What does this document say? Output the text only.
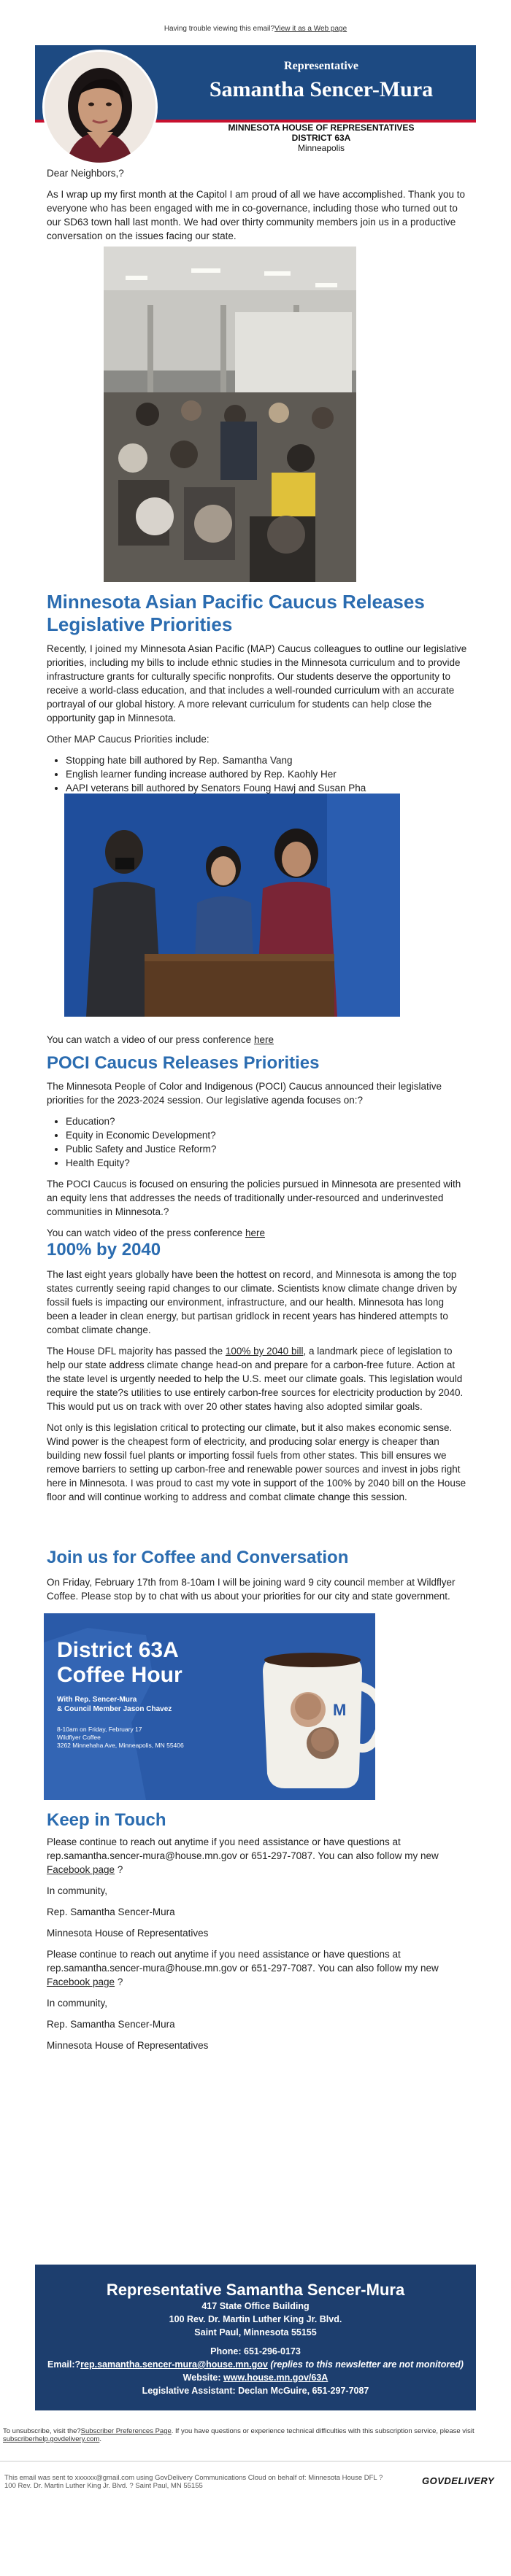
Having trouble viewing this email?View it as a Web page
Representative
Samantha Sencer-Mura
MINNESOTA HOUSE OF REPRESENTATIVES
DISTRICT 63A
Minneapolis

Dear Neighbors,?

As I wrap up my first month at the Capitol I am proud of all we have accomplished. Thank you to everyone who has been engaged with me in co-governance, including those who turned out to our SD63 town hall last month. We had over thirty community members join us in a productive conversation on the issues facing our state.

Minnesota Asian Pacific Caucus Releases Legislative Priorities

Recently, I joined my Minnesota Asian Pacific (MAP) Caucus colleagues to outline our legislative priorities, including my bills to include ethnic studies in the Minnesota curriculum and to provide infrastructure grants for culturally specific nonprofits. Our students deserve the opportunity to receive a world-class education, and that includes a well-rounded curriculum with an accurate portrayal of our global history. A more relevant curriculum for students can help close the opportunity gap in Minnesota.

Other MAP Caucus Priorities include:

• Stopping hate bill authored by Rep. Samantha Vang
• English learner funding increase authored by Rep. Kaohly Her
• AAPI veterans bill authored by Senators Foung Hawj and Susan Pha

You can watch a video of our press conference here

POCI Caucus Releases Priorities

The Minnesota People of Color and Indigenous (POCI) Caucus announced their legislative priorities for the 2023-2024 session. Our legislative agenda focuses on:?

• Education?
• Equity in Economic Development?
• Public Safety and Justice Reform?
• Health Equity?

The POCI Caucus is focused on ensuring the policies pursued in Minnesota are presented with an equity lens that addresses the needs of traditionally under-resourced and underinvested communities in Minnesota.?

You can watch video of the press conference here

100% by 2040

The last eight years globally have been the hottest on record, and Minnesota is among the top states currently seeing rapid changes to our climate. Scientists know climate change driven by fossil fuels is impacting our environment, infrastructure, and our health. Minnesota has long been a leader in clean energy, but partisan gridlock in recent years has hindered attempts to combat climate change.

The House DFL majority has passed the 100% by 2040 bill, a landmark piece of legislation to help our state address climate change head-on and prepare for a carbon-free future. Action at the state level is urgently needed to help the U.S. meet our climate goals. This legislation would require the state?s utilities to use entirely carbon-free sources for electricity production by 2040. This would put us on track with over 20 other states having also adopted similar goals.

Not only is this legislation critical to protecting our climate, but it also makes economic sense. Wind power is the cheapest form of electricity, and producing solar energy is cheaper than building new fossil fuel plants or importing fossil fuels from other states. This bill ensures we remove barriers to setting up carbon-free and renewable power sources and invest in jobs right here in Minnesota. I was proud to cast my vote in support of the 100% by 2040 bill on the House floor and will continue working to address and combat climate change this session.

Join us for Coffee and Conversation

On Friday, February 17th from 8-10am I will be joining ward 9 city council member at Wildflyer Coffee. Please stop by to chat with us about your priorities for our city and state government.

District 63A
Coffee Hour
With Rep. Sencer-Mura
& Council Member Jason Chavez
8-10am on Friday, February 17
Wildflyer Coffee
3262 Minnehaha Ave, Minneapolis, MN 55406
M
Keep in Touch

Please continue to reach out anytime if you need assistance or have questions at rep.samantha.sencer-mura@house.mn.gov or 651-297-7087. You can also follow my new Facebook page ?

In community,

Rep. Samantha Sencer-Mura

Minnesota House of Representatives

Please continue to reach out anytime if you need assistance or have questions at rep.samantha.sencer-mura@house.mn.gov or 651-297-7087. You can also follow my new Facebook page ?

In community,

Rep. Samantha Sencer-Mura

Minnesota House of Representatives

Representative Samantha Sencer-Mura
417 State Office Building
100 Rev. Dr. Martin Luther King Jr. Blvd.
Saint Paul, Minnesota 55155
Phone: 651-296-0173
Email:?rep.samantha.sencer-mura@house.mn.gov (replies to this newsletter are not monitored)
Website: www.house.mn.gov/63A
Legislative Assistant: Declan McGuire, 651-297-7087
To unsubscribe, visit the?Subscriber Preferences Page. If you have questions or experience technical difficulties with this subscription service, please visit subscriberhelp.govdelivery.com.
This email was sent to xxxxxx@gmail.com using GovDelivery Communications Cloud on behalf of: Minnesota House DFL ? 100 Rev. Dr. Martin Luther King Jr. Blvd. ? Saint Paul, MN 55155	GOVDELIVERY
